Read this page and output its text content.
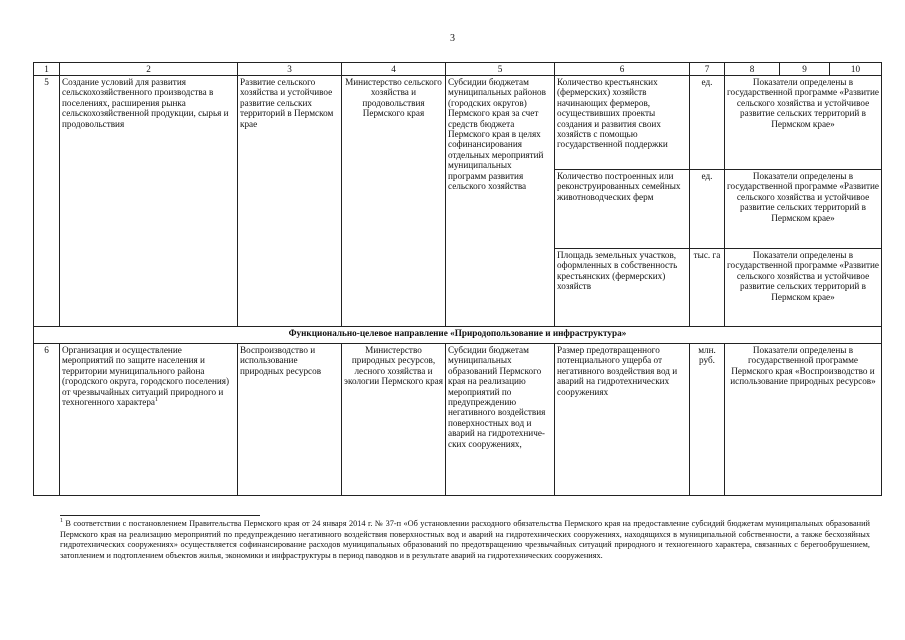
3
1	2	3	4	5	6	7	8	9	10
5	Создание условий для развития сельскохозяйственного производства в поселениях, расширения рынка сельскохозяйственной продукции, сырья и продовольствия	Развитие сельского хозяйства и устойчивое развитие сельских территорий в Пермском крае	Министерство сельского хозяйства и продовольствия Пермского края	Субсидии бюджетам муниципальных районов (городских округов) Пермского края за счет средств бюджета Пермского края в целях софинансирования отдельных мероприятий муниципальных программ развития сельского хозяйства	Количество крестьянских (фермерских) хозяйств начинающих фермеров, осуществивших проекты создания и развития своих хозяйств с помощью государственной поддержки	ед.	Показатели определены в государственной программе «Развитие сельского хозяйства и устойчивое развитие сельских территорий в Пермском крае»		
					Количество построенных или реконструированных семейных животноводческих ферм	ед.	Показатели определены в государственной программе «Развитие сельского хозяйства и устойчивое развитие сельских территорий в Пермском крае»		
					Площадь земельных участков, оформленных в собственность крестьянских (фермерских) хозяйств	тыс. га	Показатели определены в государственной программе «Развитие сельского хозяйства и устойчивое развитие сельских территорий в Пермском крае»		
Функционально-целевое направление «Природопользование и инфраструктура»									
6	Организация и осуществление мероприятий по защите населения и территории муниципального района (городского округа, городского поселения) от чрезвычайных ситуаций природного и техногенного характера$^1$	Воспроизводство и использование природных ресурсов	Министерство природных ресурсов, лесного хозяйства и экологии Пермского края	Субсидии бюджетам муниципальных образований Пермского края на реализацию мероприятий по предупреждению негативного воздействия поверхностных вод и аварий на гидротехниче-ских сооружениях,	Размер предотвращенного потенциального ущерба от негативного воздействия вод и аварий на гидротехнических сооружениях	млн. руб.	Показатели определены в государственной программе Пермского края «Воспроизводство и использование природных ресурсов»		
$^1$ В соответствии с постановлением Правительства Пермского края от 24 января 2014 г. № 37-п «Об установлении расходного обязательства Пермского края на предоставление субсидий бюджетам муниципальных образований Пермского края на реализацию мероприятий по предупреждению негативного воздействия поверхностных вод и аварий на гидротехнических сооружениях, находящихся в муниципальной собственности, а также бесхозяйных гидротехнических сооружениях» осуществляется софинансирование расходов муниципальных образований по предотвращению чрезвычайных ситуаций природного и техногенного характера, связанных с берегообрушением, затоплением и подтоплением объектов жилья, экономики и инфраструктуры в период паводков и в результате аварий на гидротехнических сооружениях.
